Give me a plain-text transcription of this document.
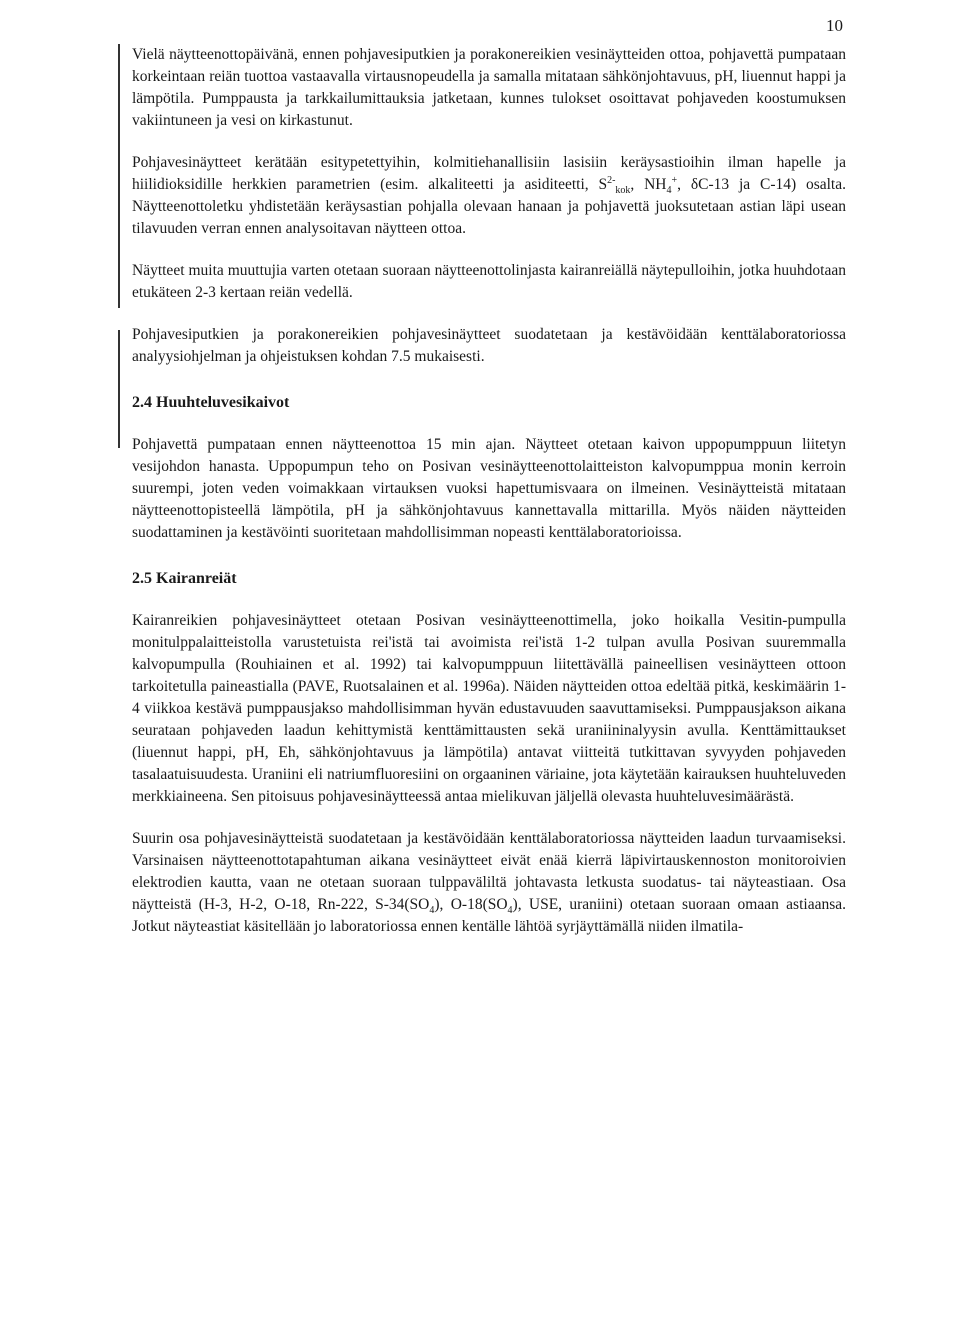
10

Vielä näytteenottopäivänä, ennen pohjavesiputkien ja porakonereikien vesinäytteiden ottoa, pohjavettä pumpataan korkeintaan reiän tuottoa vastaavalla virtausnopeudella ja samalla mitataan sähkönjohtavuus, pH, liuennut happi ja lämpötila. Pumppausta ja tarkkailumittauksia jatketaan, kunnes tulokset osoittavat pohjaveden koostumuksen vakiintuneen ja vesi on kirkastunut.

Pohjavesinäytteet kerätään esitypetettyihin, kolmitiehanallisiin lasisiin keräysastioihin ilman hapelle ja hiilidioksidille herkkien parametrien (esim. alkaliteetti ja asiditeetti, $S^{2-}_{kok}$, $NH_4^+$, δC-13 ja C-14) osalta. Näytteenottoletku yhdistetään keräysastian pohjalla olevaan hanaan ja pohjavettä juoksutetaan astian läpi usean tilavuuden verran ennen analysoitavan näytteen ottoa.

Näytteet muita muuttujia varten otetaan suoraan näytteenottolinjasta kairanreiällä näytepulloihin, jotka huuhdotaan etukäteen 2-3 kertaan reiän vedellä.

Pohjavesiputkien ja porakonereikien pohjavesinäytteet suodatetaan ja kestävöidään kenttälaboratoriossa analyysiohjelman ja ohjeistuksen kohdan 7.5 mukaisesti.

2.4 Huuhteluvesikaivot

Pohjavettä pumpataan ennen näytteenottoa 15 min ajan. Näytteet otetaan kaivon uppopumppuun liitetyn vesijohdon hanasta. Uppopumpun teho on Posivan vesinäytteenottolaitteiston kalvopumppua monin kerroin suurempi, joten veden voimakkaan virtauksen vuoksi hapettumisvaara on ilmeinen. Vesinäytteistä mitataan näytteenottopisteellä lämpötila, pH ja sähkönjohtavuus kannettavalla mittarilla. Myös näiden näytteiden suodattaminen ja kestävöinti suoritetaan mahdollisimman nopeasti kenttälaboratorioissa.

2.5 Kairanreiät

Kairanreikien pohjavesinäytteet otetaan Posivan vesinäytteenottimella, joko hoikalla Vesitin-pumpulla monitulppalaitteistolla varustetuista rei'istä tai avoimista rei'istä 1-2 tulpan avulla Posivan suuremmalla kalvopumpulla (Rouhiainen et al. 1992) tai kalvopumppuun liitettävällä paineellisen vesinäytteen ottoon tarkoitetulla paineastialla (PAVE, Ruotsalainen et al. 1996a). Näiden näytteiden ottoa edeltää pitkä, keskimäärin 1-4 viikkoa kestävä pumppausjakso mahdollisimman hyvän edustavuuden saavuttamiseksi. Pumppausjakson aikana seurataan pohjaveden laadun kehittymistä kenttämittausten sekä uraniininalyysin avulla. Kenttämittaukset (liuennut happi, pH, Eh, sähkönjohtavuus ja lämpötila) antavat viitteitä tutkittavan syvyyden pohjaveden tasalaatuisuudesta. Uraniini eli natriumfluoresiini on orgaaninen väriaine, jota käytetään kairauksen huuhteluveden merkkiaineena. Sen pitoisuus pohjavesinäytteessä antaa mielikuvan jäljellä olevasta huuhteluvesimäärästä.

Suurin osa pohjavesinäytteistä suodatetaan ja kestävöidään kenttälaboratoriossa näytteiden laadun turvaamiseksi. Varsinaisen näytteenottotapahtuman aikana vesinäytteet eivät enää kierrä läpivirtauskennoston monitoroivien elektrodien kautta, vaan ne otetaan suoraan tulppaväliltä johtavasta letkusta suodatus- tai näyteastiaan. Osa näytteistä (H-3, H-2, O-18, Rn-222, $S-34(SO_4)$, $O-18(SO_4)$, USE, uraniini) otetaan suoraan omaan astiaansa. Jotkut näyteastiat käsitellään jo laboratoriossa ennen kentälle lähtöä syrjäyttämällä niiden ilmatila-
